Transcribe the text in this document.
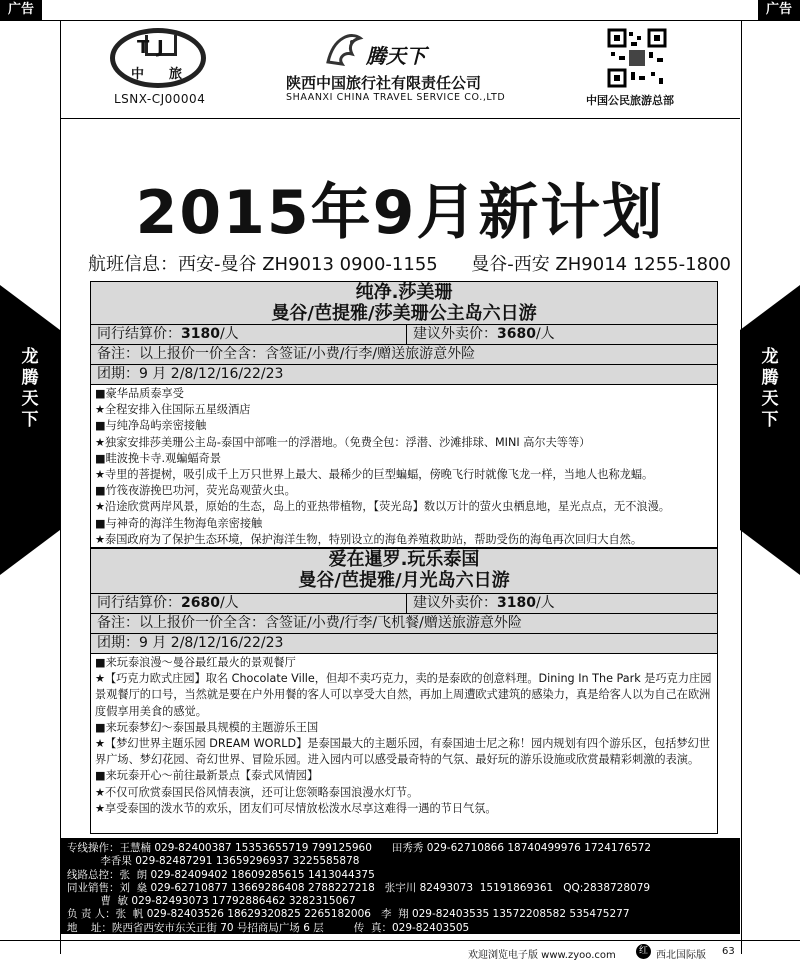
广告	广告
龙腾天下
龙腾天下
T J
中 旅
LSNX-CJ00004
腾天下
陕西中国旅行社有限责任公司
SHAANXI CHINA TRAVEL SERVICE CO.,LTD	中国公民旅游总部
2015年9月新计划
航班信息：西安-曼谷 ZH9013 0900-1155 曼谷-西安 ZH9014 1255-1800
纯净.莎美珊
曼谷/芭提雅/莎美珊公主岛六日游
同行结算价：3180/人	建议外卖价：3680/人
备注：以上报价一价全含：含签证/小费/行李/赠送旅游意外险
团期：9 月 2/8/12/16/22/23
■豪华品质泰享受
★全程安排入住国际五星级酒店
■与纯净岛屿亲密接触
★独家安排莎美珊公主岛-泰国中部唯一的浮潜地。（免费全包：浮潜、沙滩排球、MINI 高尔夫等等）
■畦波挽卡寺.观蝙蝠奇景
★寺里的菩提树，吸引成千上万只世界上最大、最稀少的巨型蝙蝠，傍晚飞行时就像飞龙一样，当地人也称龙蝠。
■竹筏夜游挽巴功河，荧光岛观萤火虫。
★沿途欣赏两岸风景，原始的生态，岛上的亚热带植物，【荧光岛】数以万计的萤火虫栖息地，星光点点，无不浪漫。
■与神奇的海洋生物海龟亲密接触
★泰国政府为了保护生态环境，保护海洋生物，特别设立的海龟养殖救助站，帮助受伤的海龟再次回归大自然。
爱在暹罗.玩乐泰国
曼谷/芭提雅/月光岛六日游
同行结算价：2680/人	建议外卖价：3180/人
备注：以上报价一价全含：含签证/小费/行李/飞机餐/赠送旅游意外险
团期：9 月 2/8/12/16/22/23
■来玩泰浪漫～曼谷最红最火的景观餐厅
★【巧克力欧式庄园】取名 Chocolate Ville，但却不卖巧克力，卖的是泰欧的创意料理。Dining In The Park 是巧克力庄园景观餐厅的口号，当然就是要在户外用餐的客人可以享受大自然，再加上周遭欧式建筑的感染力，真是给客人以为自己在欧洲度假享用美食的感觉。
■来玩泰梦幻～泰国最具规模的主题游乐王国
★【梦幻世界主题乐园 DREAM WORLD】是泰国最大的主题乐园，有泰国迪士尼之称！园内规划有四个游乐区，包括梦幻世界广场、梦幻花园、奇幻世界、冒险乐园。进入园内可以感受最奇特的气氛、最好玩的游乐设施或欣赏最精彩刺激的表演。
■来玩泰开心～前往最新景点【泰式风情园】
★不仅可欣赏泰国民俗风情表演，还可让您领略泰国浪漫水灯节。
★享受泰国的泼水节的欢乐，团友们可尽情放松泼水尽享这难得一遇的节日气氛。
专线操作：王慧楠 029-82400387 15353655719 799125960      田秀秀 029-62710866 18740499976 1724176572
李香果 029-82487291 13659296937 3225585878
线路总控：张  朗 029-82409402 18609285615 1413044375
同业销售：刘  燊 029-62710877 13669286408 2788227218   张宇川 82493073  15191869361   QQ:2838728079
曹  敏 029-82493073 17792886462 3282315067
负 责 人：张  帆 029-82403526 18629320825 2265182006   李  翔 029-82403535 13572208582 535475277
地    址：陕西省西安市东关正街 70 号招商局广场 6 层         传  真：029-82403505
欢迎浏览电子版 www.zyoo.com	红 西北国际版 63
